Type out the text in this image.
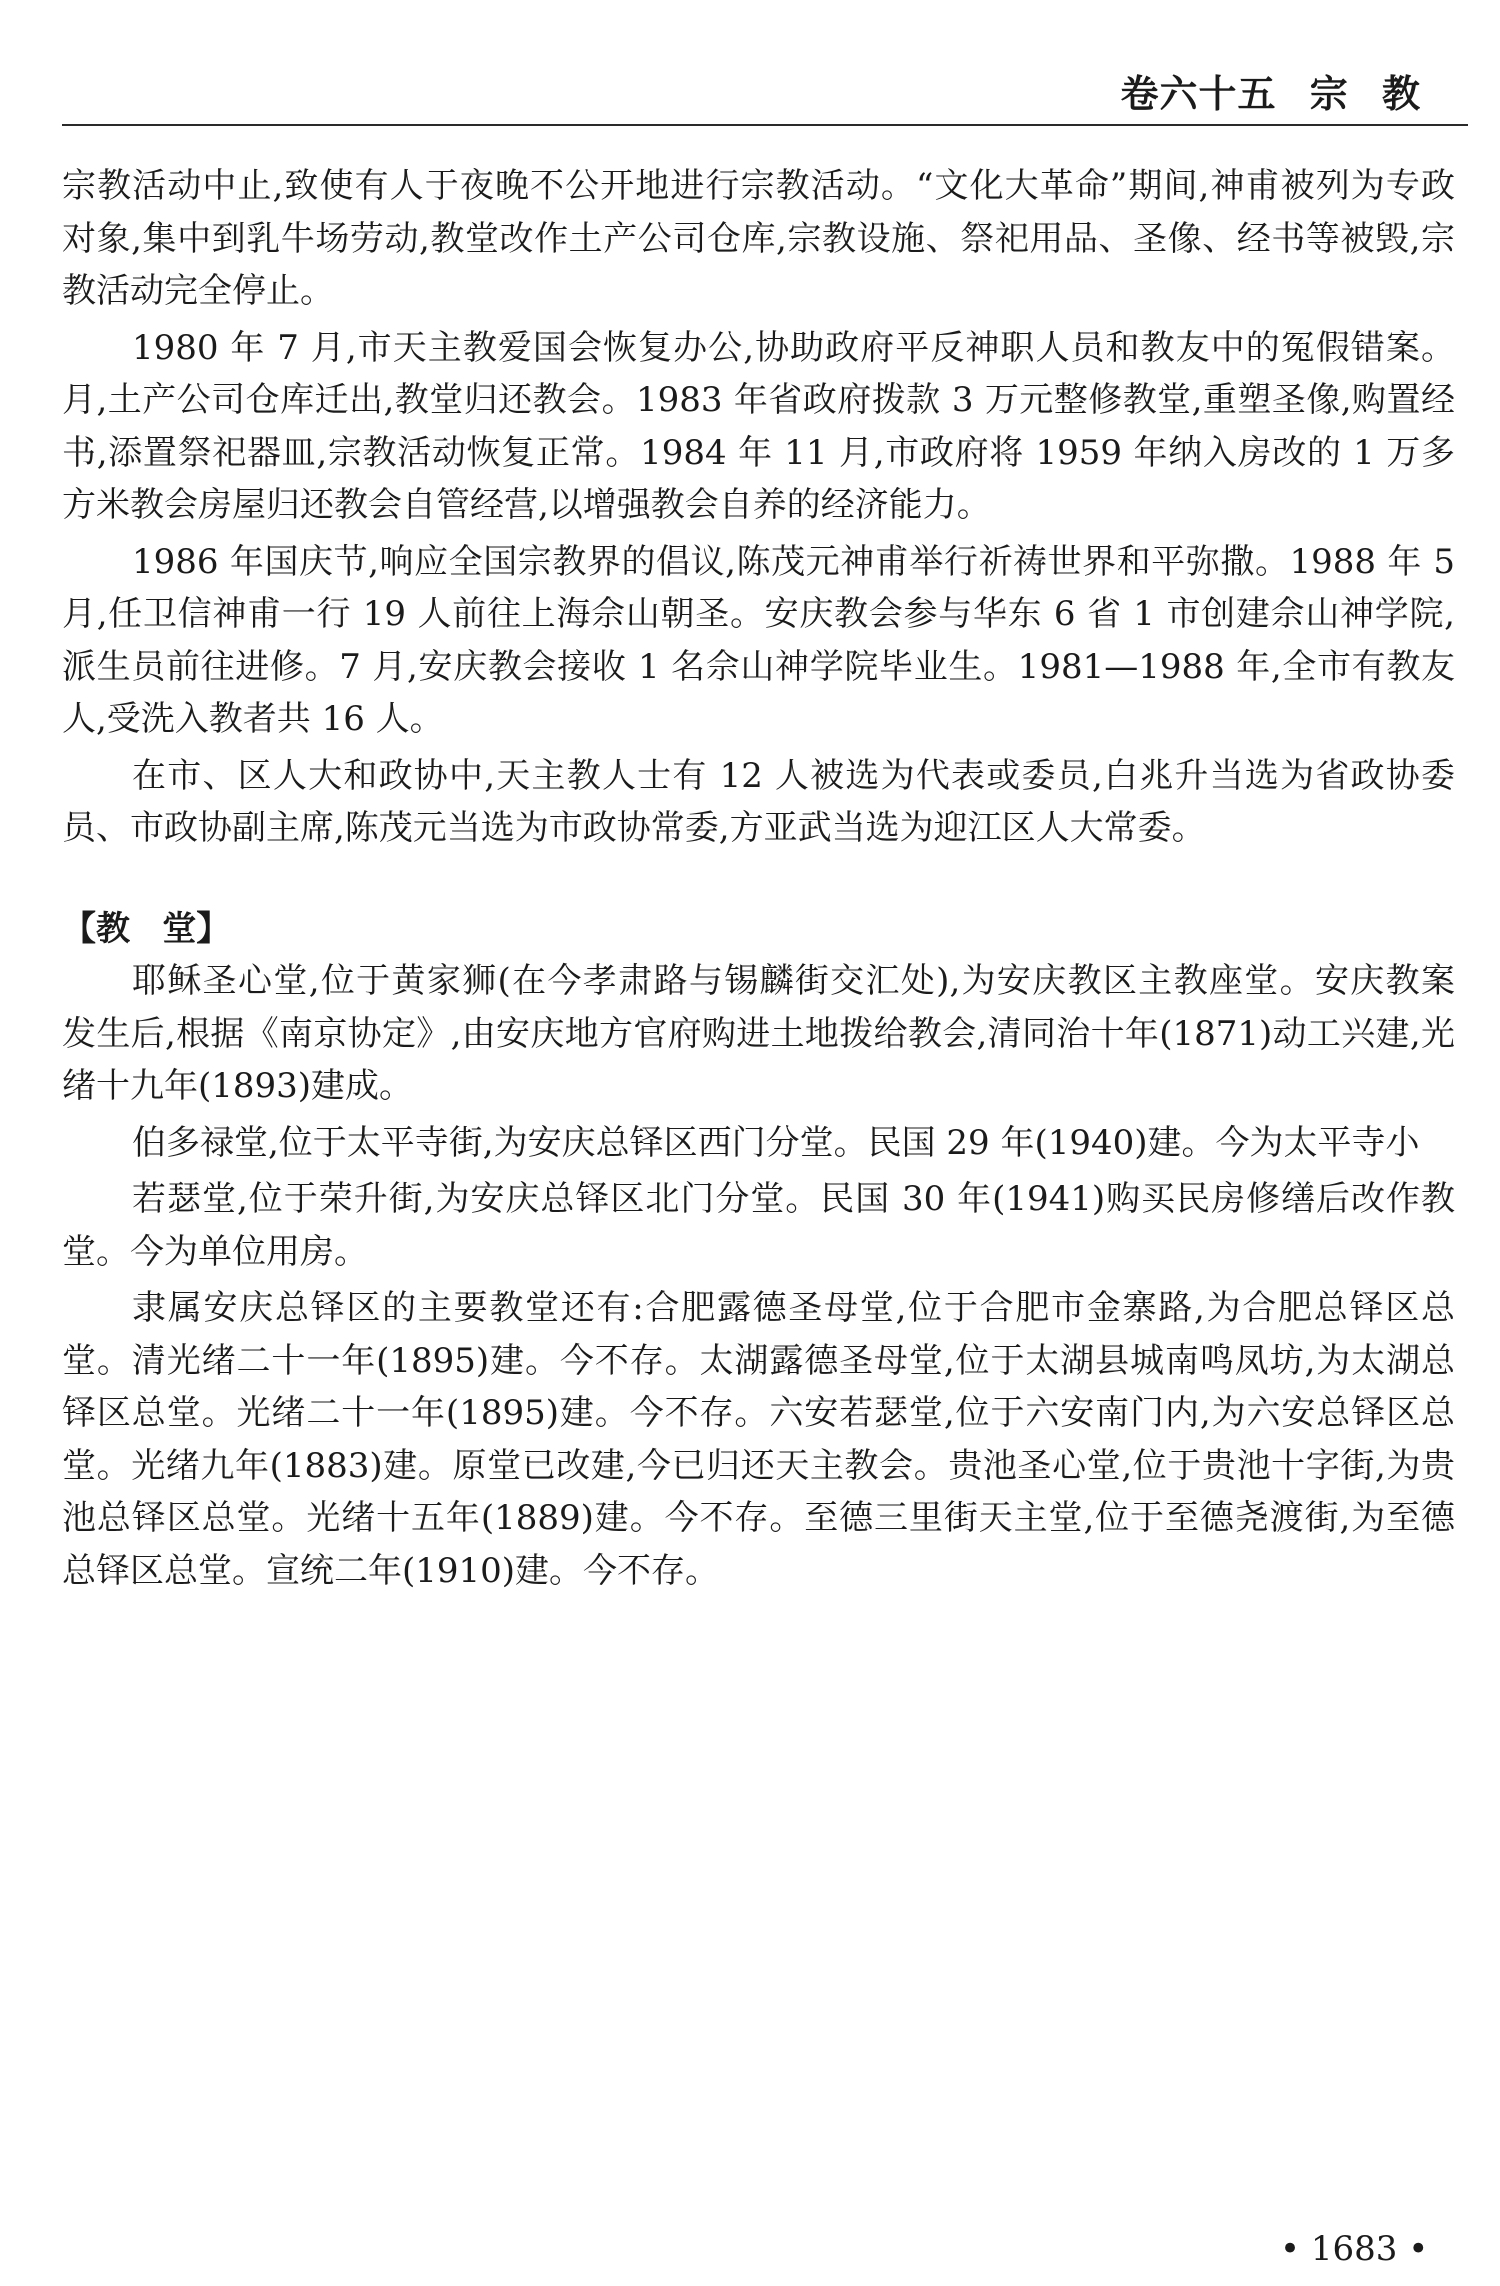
卷六十五 宗 教
宗教活动中止,致使有人于夜晚不公开地进行宗教活动。“文化大革命”期间,神甫被列为专政
对象,集中到乳牛场劳动,教堂改作土产公司仓库,宗教设施、祭祀用品、圣像、经书等被毁,宗
教活动完全停止。
1980 年 7 月,市天主教爱国会恢复办公,协助政府平反神职人员和教友中的冤假错案。
月,土产公司仓库迁出,教堂归还教会。1983 年省政府拨款 3 万元整修教堂,重塑圣像,购置经
书,添置祭祀器皿,宗教活动恢复正常。1984 年 11 月,市政府将 1959 年纳入房改的 1 万多
方米教会房屋归还教会自管经营,以增强教会自养的经济能力。
1986 年国庆节,响应全国宗教界的倡议,陈茂元神甫举行祈祷世界和平弥撒。1988 年 5
月,任卫信神甫一行 19 人前往上海佘山朝圣。安庆教会参与华东 6 省 1 市创建佘山神学院,
派生员前往进修。7 月,安庆教会接收 1 名佘山神学院毕业生。1981—1988 年,全市有教友
人,受洗入教者共 16 人。
在市、区人大和政协中,天主教人士有 12 人被选为代表或委员,白兆升当选为省政协委
员、市政协副主席,陈茂元当选为市政协常委,方亚武当选为迎江区人大常委。
【教 堂】
耶稣圣心堂,位于黄家狮(在今孝肃路与锡麟街交汇处),为安庆教区主教座堂。安庆教案
发生后,根据《南京协定》,由安庆地方官府购进土地拨给教会,清同治十年(1871)动工兴建,光
绪十九年(1893)建成。
伯多禄堂,位于太平寺街,为安庆总铎区西门分堂。民国 29 年(1940)建。今为太平寺小
若瑟堂,位于荣升街,为安庆总铎区北门分堂。民国 30 年(1941)购买民房修缮后改作教
堂。今为单位用房。
隶属安庆总铎区的主要教堂还有:合肥露德圣母堂,位于合肥市金寨路,为合肥总铎区总
堂。清光绪二十一年(1895)建。今不存。太湖露德圣母堂,位于太湖县城南鸣凤坊,为太湖总
铎区总堂。光绪二十一年(1895)建。今不存。六安若瑟堂,位于六安南门内,为六安总铎区总
堂。光绪九年(1883)建。原堂已改建,今已归还天主教会。贵池圣心堂,位于贵池十字街,为贵
池总铎区总堂。光绪十五年(1889)建。今不存。至德三里街天主堂,位于至德尧渡街,为至德
总铎区总堂。宣统二年(1910)建。今不存。
• 1683 •
